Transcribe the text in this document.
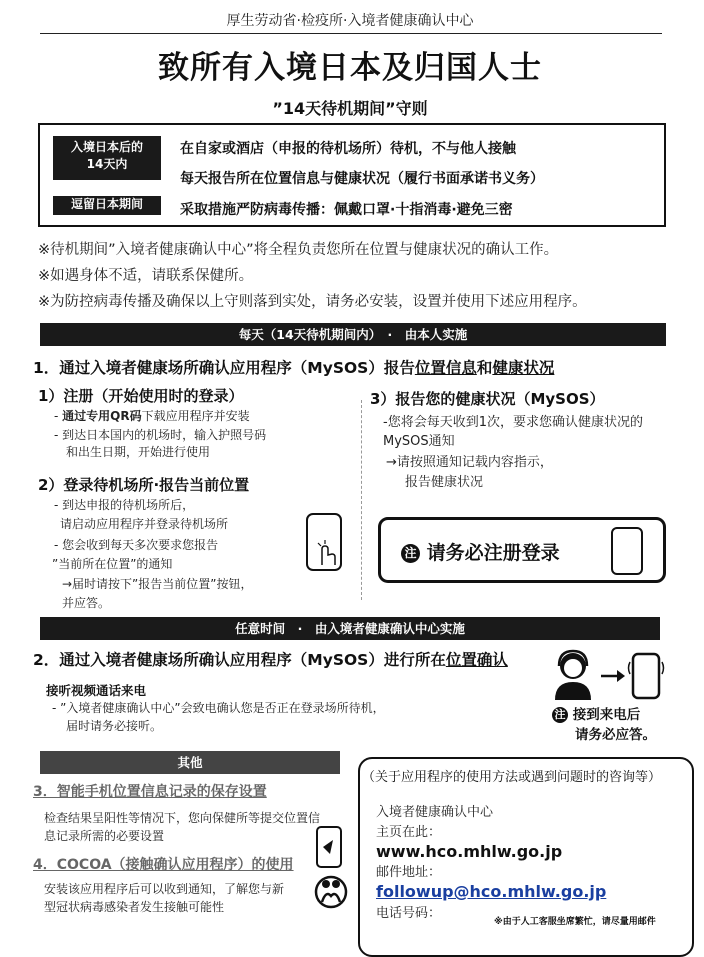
厚生劳动省·检疫所·入境者健康确认中心
致所有入境日本及归国人士
”14天待机期间”守则
入境日本后的
14天内
逗留日本期间
在自家或酒店（申报的待机场所）待机，不与他人接触
每天报告所在位置信息与健康状况（履行书面承诺书义务）
采取措施严防病毒传播：佩戴口罩·十指消毒·避免三密
※待机期间”入境者健康确认中心”将全程负责您所在位置与健康状况的确认工作。
※如遇身体不适，请联系保健所。
※为防控病毒传播及确保以上守则落到实处，请务必安装，设置并使用下述应用程序。
每天（14天待机期间内）　·　由本人实施
1．通过入境者健康场所确认应用程序（MySOS）报告位置信息和健康状况
1）注册（开始使用时的登录）
- 通过专用QR码下载应用程序并安装
- 到达日本国内的机场时，输入护照号码
和出生日期，开始进行使用
2）登录待机场所·报告当前位置
- 到达申报的待机场所后，
请启动应用程序并登录待机场所
- 您会收到每天多次要求您报告
”当前所在位置”的通知
→届时请按下”报告当前位置”按钮，
并应答。
3）报告您的健康状况（MySOS）
-您将会每天收到1次，要求您确认健康状况的
MySOS通知
→请按照通知记载内容指示，
报告健康状况
注 请务必注册登录
任意时间　·　由入境者健康确认中心实施
2．通过入境者健康场所确认应用程序（MySOS）进行所在位置确认
接听视频通话来电
- ”入境者健康确认中心”会致电确认您是否正在登录场所待机，
届时请务必接听。
注 接到来电后
请务必应答。
其他
3．智能手机位置信息记录的保存设置
检查结果呈阳性等情况下，您向保健所等提交位置信
息记录所需的必要设置
4．COCOA（接触确认应用程序）的使用
安装该应用程序后可以收到通知，了解您与新
型冠状病毒感染者发生接触可能性
（关于应用程序的使用方法或遇到问题时的咨询等）
入境者健康确认中心
主页在此：
www.hco.mhlw.go.jp
邮件地址：
followup@hco.mhlw.go.jp
电话号码：
※由于人工客服坐席繁忙，请尽量用邮件
